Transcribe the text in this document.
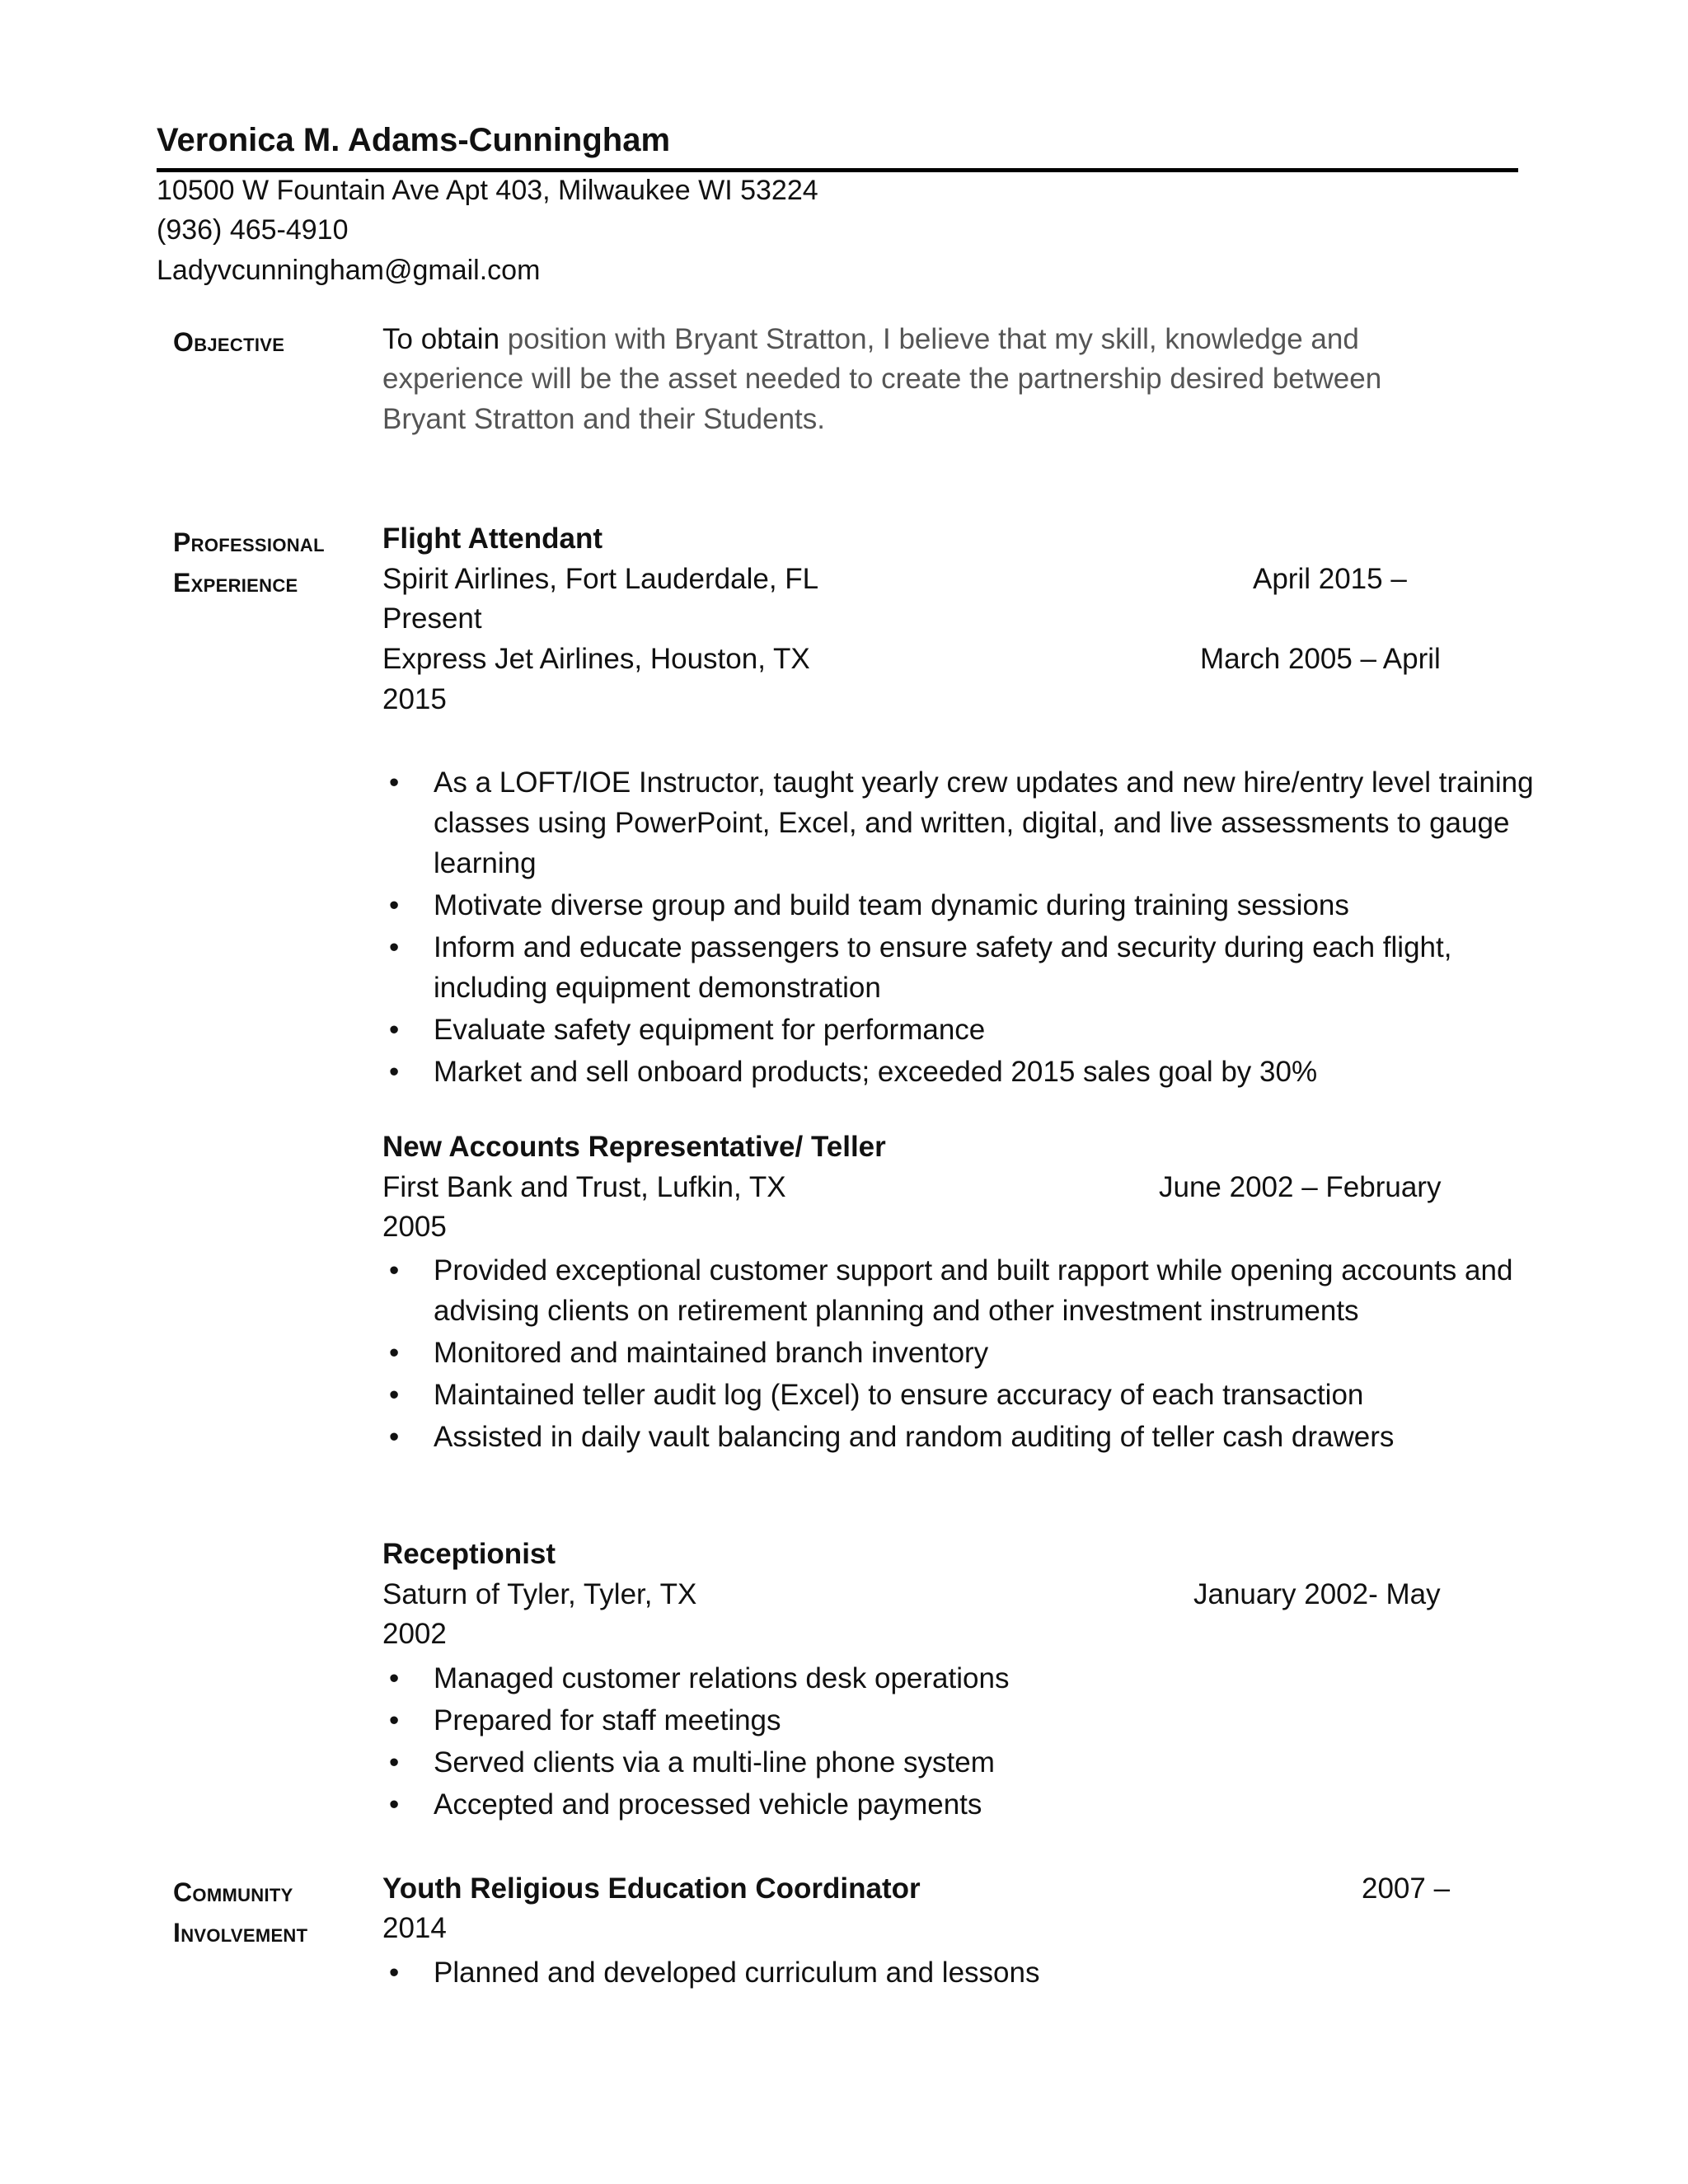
Veronica M. Adams-Cunningham
10500 W Fountain Ave Apt 403, Milwaukee WI 53224
(936) 465-4910
Ladyvcunningham@gmail.com
Objective	To obtain position with Bryant Stratton, I believe that my skill, knowledge and
experience will be the asset needed to create the partnership desired between
Bryant Stratton and their Students.
Professional
Experience
Flight Attendant
Spirit Airlines, Fort Lauderdale, FL	April 2015 –
Present
Express Jet Airlines, Houston, TX	March 2005 – April
2015
• As a LOFT/IOE Instructor, taught yearly crew updates and new hire/entry level training classes using PowerPoint, Excel, and written, digital, and live assessments to gauge learning
• Motivate diverse group and build team dynamic during training sessions
• Inform and educate passengers to ensure safety and security during each flight, including equipment demonstration
• Evaluate safety equipment for performance
• Market and sell onboard products; exceeded 2015 sales goal by 30%
New Accounts Representative/ Teller
First Bank and Trust, Lufkin, TX	June 2002 – February
2005
• Provided exceptional customer support and built rapport while opening accounts and advising clients on retirement planning and other investment instruments
• Monitored and maintained branch inventory
• Maintained teller audit log (Excel) to ensure accuracy of each transaction
• Assisted in daily vault balancing and random auditing of teller cash drawers
Receptionist
Saturn of Tyler, Tyler, TX	January 2002- May
2002
• Managed customer relations desk operations
• Prepared for staff meetings
• Served clients via a multi-line phone system
• Accepted and processed vehicle payments
Community
Involvement
Youth Religious Education Coordinator	2007 –
2014
• Planned and developed curriculum and lessons
